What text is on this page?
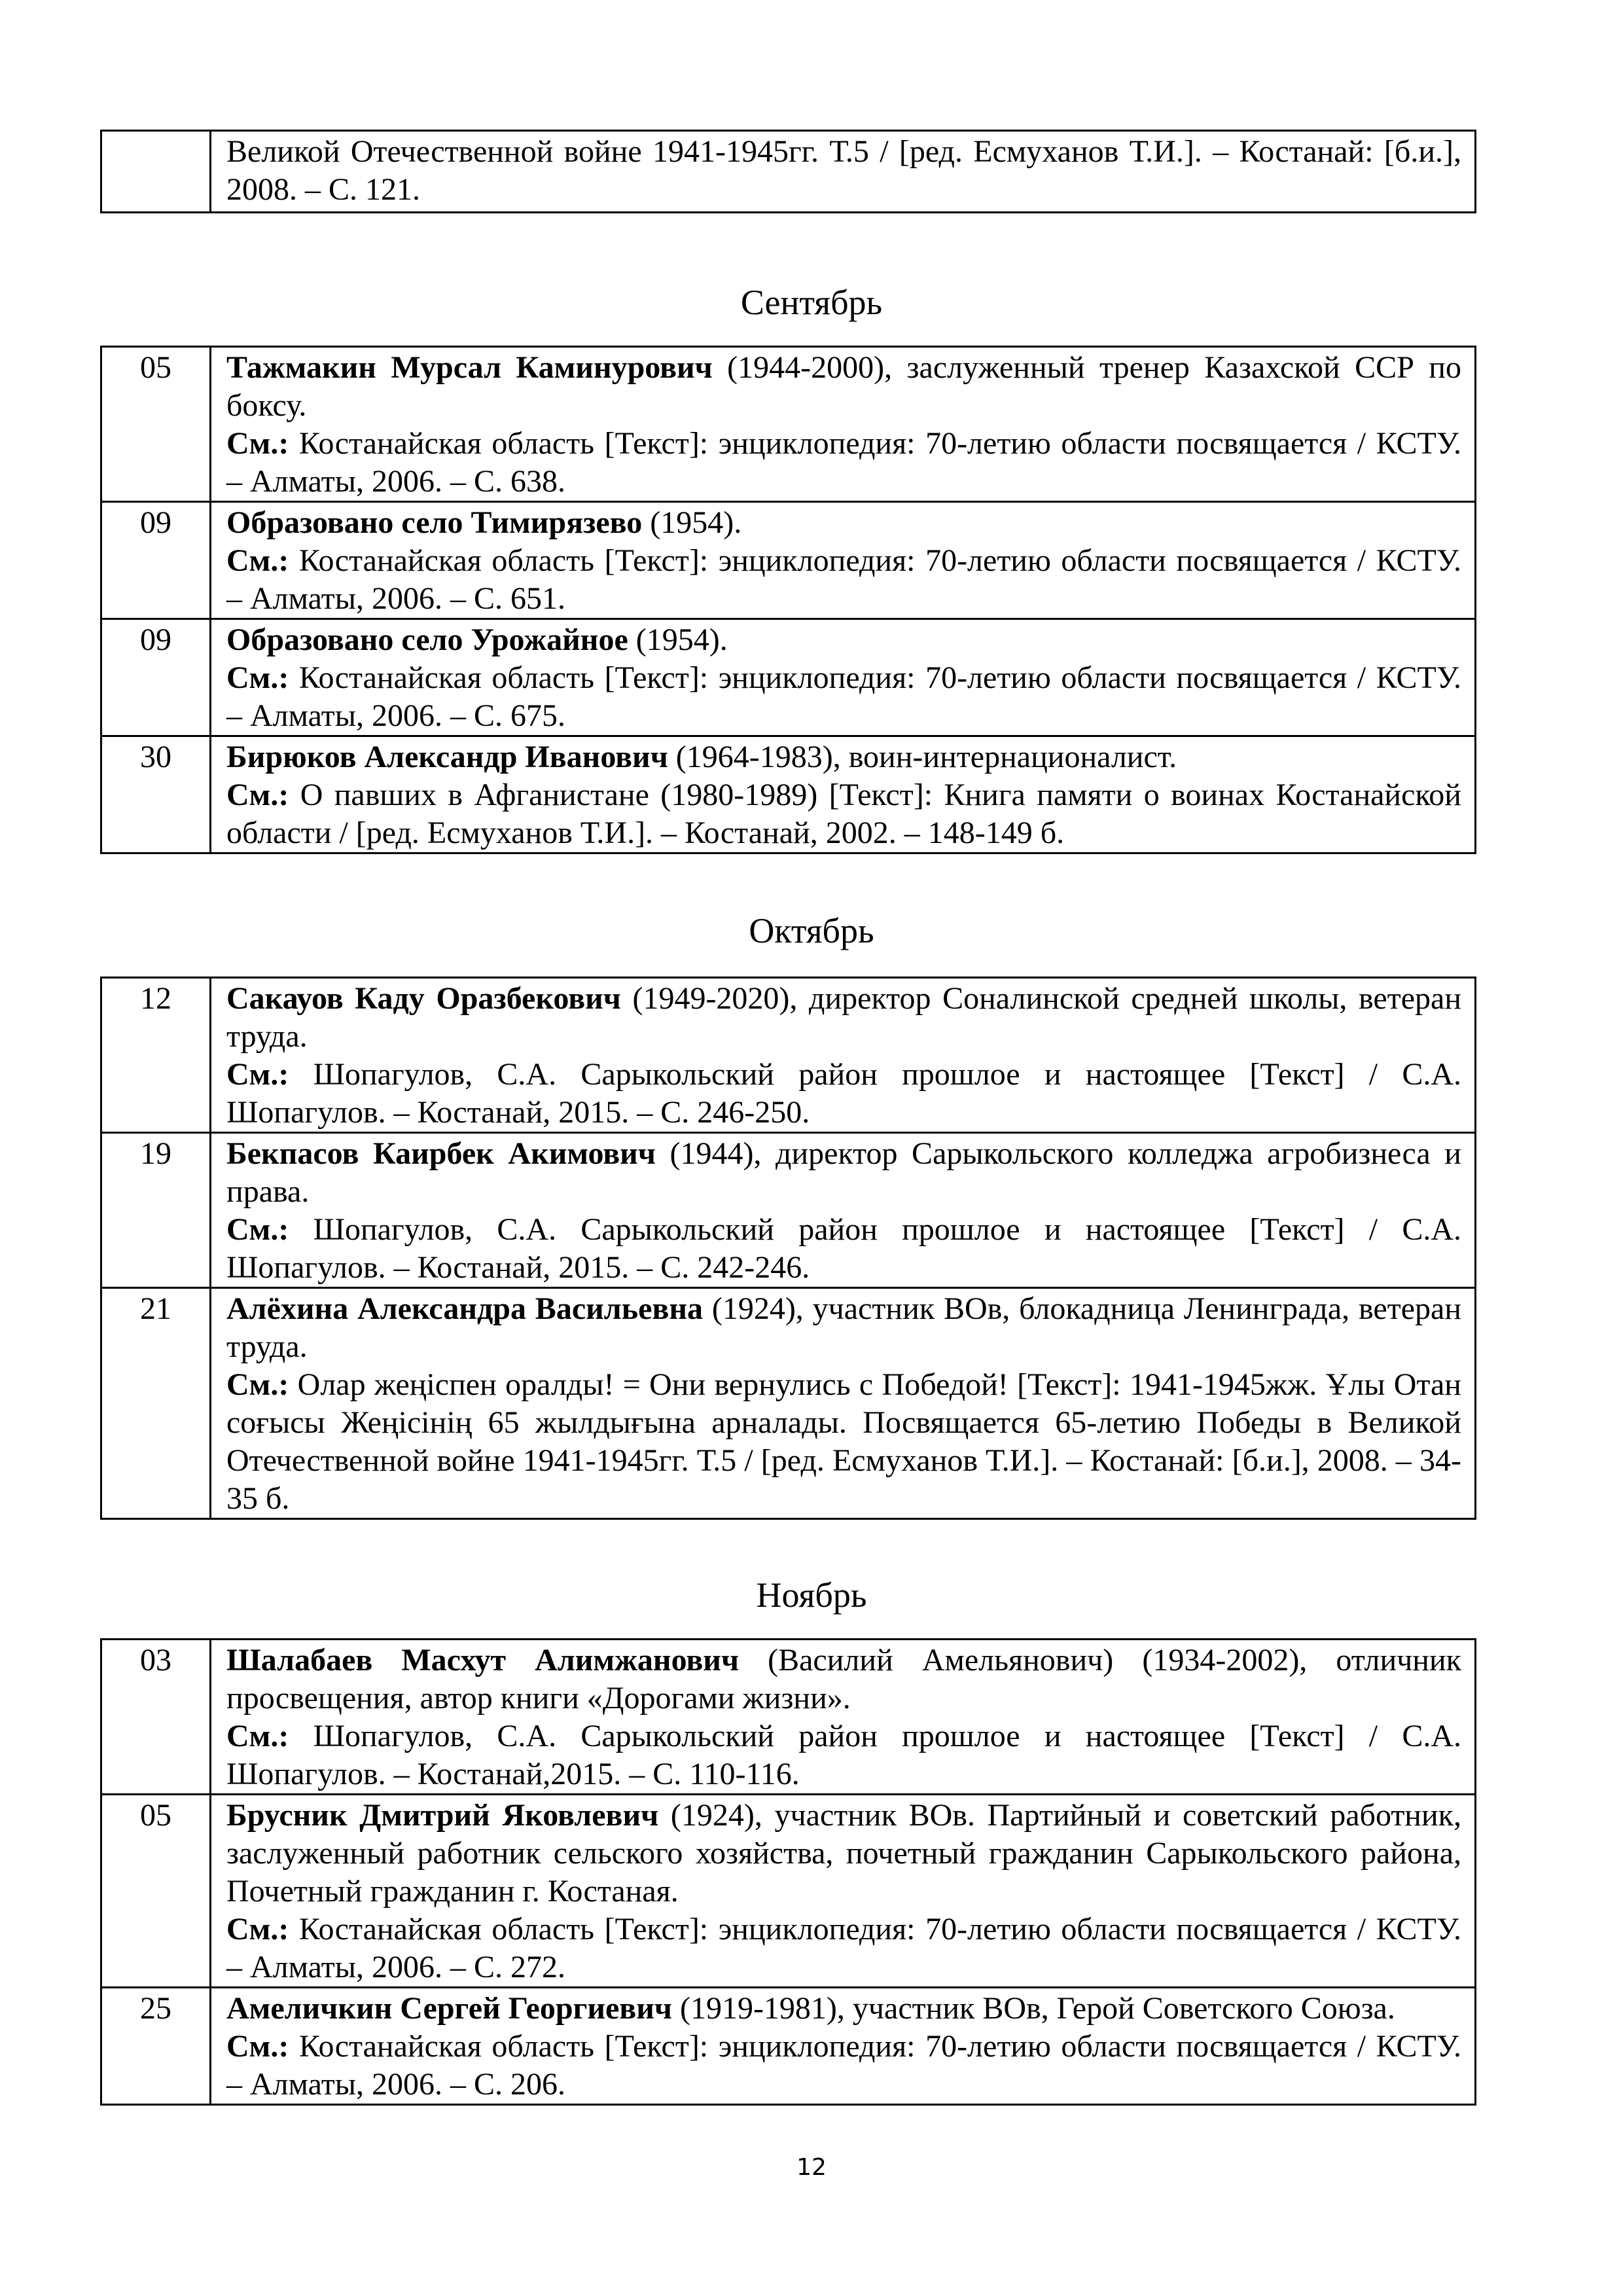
	Великой Отечественной войне 1941-1945гг. Т.5 / [ред. Есмуханов Т.И.]. – Костанай: [б.и.], 2008. – С. 121.
Сентябрь
05	Тажмакин Мурсал Каминурович (1944-2000), заслуженный тренер Казахской ССР по боксу.
См.: Костанайская область [Текст]: энциклопедия: 70-летию области посвящается / КСТУ. – Алматы, 2006. – С. 638.

09	Образовано село Тимирязево (1954).
См.: Костанайская область [Текст]: энциклопедия: 70-летию области посвящается / КСТУ. – Алматы, 2006. – С. 651.

09	Образовано село Урожайное (1954).
См.: Костанайская область [Текст]: энциклопедия: 70-летию области посвящается / КСТУ. – Алматы, 2006. – С. 675.

30	Бирюков Александр Иванович (1964-1983), воин-интернационалист.
См.: О павших в Афганистане (1980-1989) [Текст]: Книга памяти о воинах Костанайской области / [ред. Есмуханов Т.И.]. – Костанай, 2002. – 148-149 б.
Октябрь
12	Сакауов Каду Оразбекович (1949-2020), директор Соналинской средней школы, ветеран труда.
См.: Шопагулов, С.А. Сарыкольский район прошлое и настоящее [Текст] / С.А. Шопагулов. – Костанай, 2015. – С. 246-250.

19	Бекпасов Каирбек Акимович (1944), директор Сарыкольского колледжа агробизнеса и права.
См.: Шопагулов, С.А. Сарыкольский район прошлое и настоящее [Текст] / С.А. Шопагулов. – Костанай, 2015. – С. 242-246.

21	Алёхина Александра Васильевна (1924), участник ВОв, блокадница Ленинграда, ветеран труда.
См.: Олар жеңіспен оралды! = Они вернулись с Победой! [Текст]: 1941-1945жж. Ұлы Отан соғысы Жеңісінің 65 жылдығына арналады. Посвящается 65-летию Победы в Великой Отечественной войне 1941-1945гг. Т.5 / [ред. Есмуханов Т.И.]. – Костанай: [б.и.], 2008. – 34-35 б.
Ноябрь
03	Шалабаев Масхут Алимжанович (Василий Амельянович) (1934-2002), отличник просвещения, автор книги «Дорогами жизни».
См.: Шопагулов, С.А. Сарыкольский район прошлое и настоящее [Текст] / С.А. Шопагулов. – Костанай,2015. – С. 110-116.

05	Брусник Дмитрий Яковлевич (1924), участник ВОв. Партийный и советский работник, заслуженный работник сельского хозяйства, почетный гражданин Сарыкольского района, Почетный гражданин г. Костаная.
См.: Костанайская область [Текст]: энциклопедия: 70-летию области посвящается / КСТУ. – Алматы, 2006. – С. 272.

25	Амеличкин Сергей Георгиевич (1919-1981), участник ВОв, Герой Советского Союза.
См.: Костанайская область [Текст]: энциклопедия: 70-летию области посвящается / КСТУ. – Алматы, 2006. – С. 206.
12
